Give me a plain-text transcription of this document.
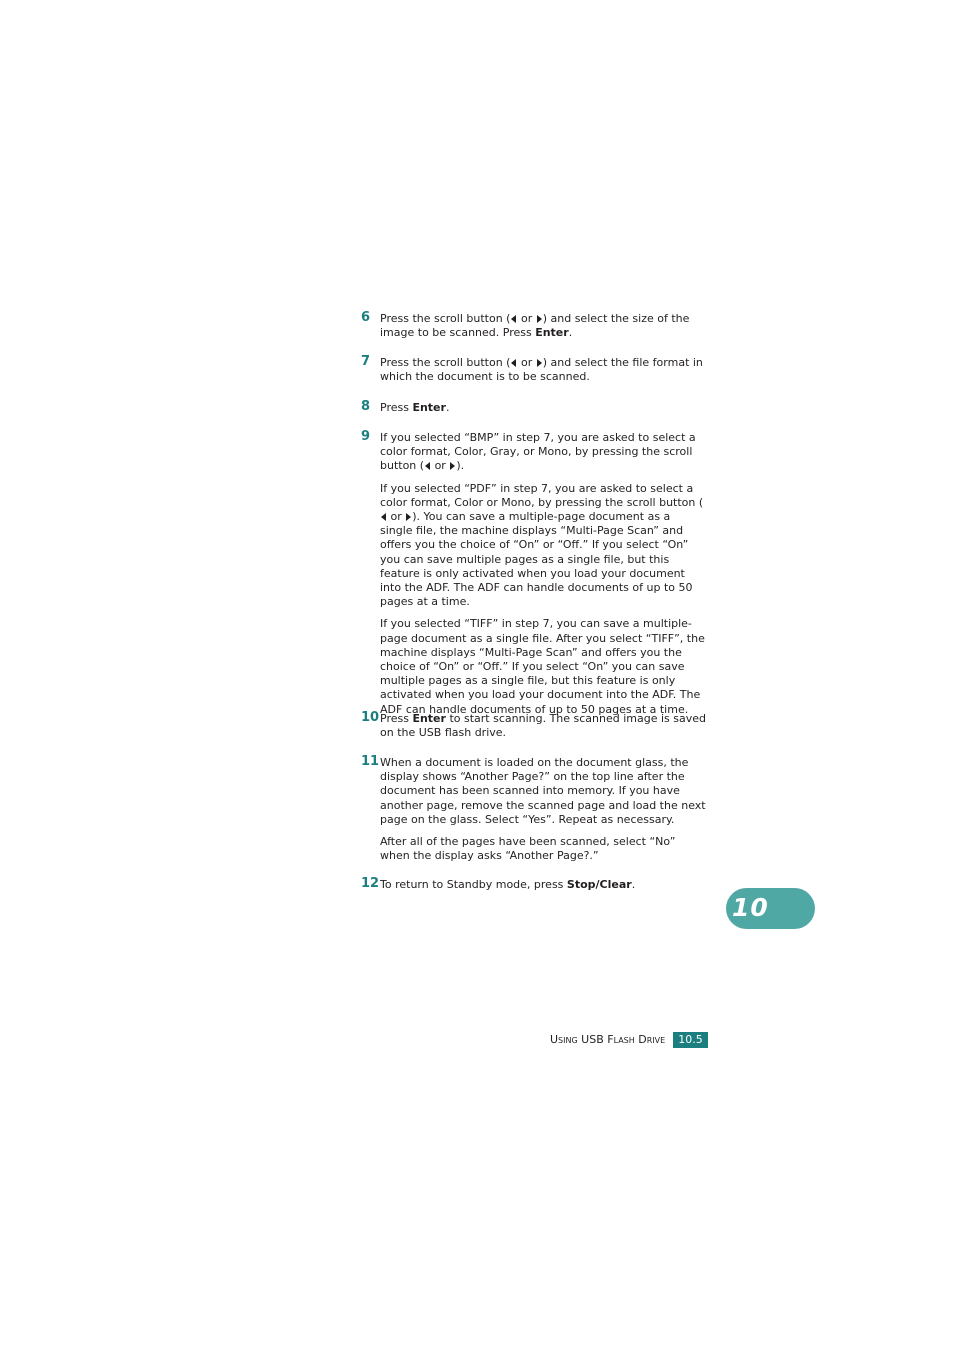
6 Press the scroll button ( or ) and select the size of the image to be scanned. Press Enter.

7 Press the scroll button ( or ) and select the file format in which the document is to be scanned.

8 Press Enter.

9 If you selected “BMP” in step 7, you are asked to select a color format, Color, Gray, or Mono, by pressing the scroll button ( or ).

If you selected “PDF” in step 7, you are asked to select a color format, Color or Mono, by pressing the scroll button ( or ). You can save a multiple-page document as a single file, the machine displays “Multi-Page Scan” and offers you the choice of “On” or “Off.” If you select “On” you can save multiple pages as a single file, but this feature is only activated when you load your document into the ADF. The ADF can handle documents of up to 50 pages at a time.

If you selected “TIFF” in step 7, you can save a multiple-page document as a single file. After you select “TIFF”, the machine displays “Multi-Page Scan” and offers you the choice of “On” or “Off.” If you select “On” you can save multiple pages as a single file, but this feature is only activated when you load your document into the ADF. The ADF can handle documents of up to 50 pages at a time.

10 Press Enter to start scanning. The scanned image is saved on the USB flash drive.

11 When a document is loaded on the document glass, the display shows “Another Page?” on the top line after the document has been scanned into memory. If you have another page, remove the scanned page and load the next page on the glass. Select “Yes”. Repeat as necessary.

After all of the pages have been scanned, select “No” when the display asks “Another Page?.”

12 To return to Standby mode, press Stop/Clear.

10
Using USB Flash Drive	10.5
